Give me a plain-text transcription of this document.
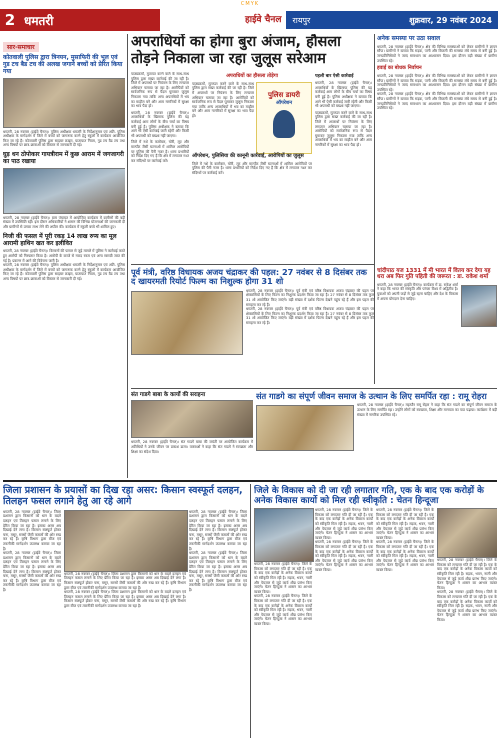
CMYK
2 धमतरी	हाईवे चैनल	रायपुर	शुक्रवार, 29 नवंबर 2024
सार-समाचार
कोतवाली पुलिस द्वारा त्रिनयन, मुसाफिरी की भूल एवं गुड टच बैड टच की अलख जगाने बच्चों को प्रेरित किया गया
धमतरी, 28 नवम्बर (हाईवे चैनल)। पुलिस अधीक्षक धमतरी के निर्देशानुसार एवं अति. पुलिस अधीक्षक के मार्गदर्शन में जिले में बच्चों को जागरूक करने हेतु स्कूलों में कार्यक्रम आयोजित किए जा रहे हैं। कोतवाली पुलिस द्वारा साइबर क्राइम, यातायात नियम, गुड टच बैड टच तथा अन्य विषयों पर छात्र-छात्राओं को विस्तार से जानकारी दी गई।
घुड़ धन ठोपोकार गायत्रीराम में कुछ आराम में जगजागरी का पाठ रखाया
धमतरी, 28 नवम्बर (हाईवे चैनल)। ग्राम पंचायत में आयोजित कार्यक्रम में ग्रामीणों की बड़ी संख्या में उपस्थिति रही। इस दौरान अधिकारियों ने शासन की विभिन्न योजनाओं की जानकारी दी और ग्रामीणों से उनका लाभ लेने की अपील की। कार्यक्रम में स्कूली बच्चे भी शामिल हुए।
निजी की फसल में पूरी रकड़ 14 लाख रुप्य का मूल आरामी हाथिन खत कर इलीवित
धमतरी, 28 नवम्बर (हाईवे चैनल)। किसानों की फसल से जुड़े मामले में पुलिस ने कार्रवाई करते हुए आरोपी को गिरफ्तार किया है। आरोपी के कब्जे से नकद रकम एवं अन्य सामग्री जब्त की गई है। प्रकरण में आगे की विवेचना जारी है।
धमतरी, 28 नवम्बर (हाईवे चैनल)। पुलिस अधीक्षक धमतरी के निर्देशानुसार एवं अति. पुलिस अधीक्षक के मार्गदर्शन में जिले में बच्चों को जागरूक करने हेतु स्कूलों में कार्यक्रम आयोजित किए जा रहे हैं। कोतवाली पुलिस द्वारा साइबर क्राइम, यातायात नियम, गुड टच बैड टच तथा अन्य विषयों पर छात्र-छात्राओं को विस्तार से जानकारी दी गई।
अपराधियों का होगा बुरा अंजाम, हौसला
तोड़ने निकाला जा रहा जुलूस सरेआम

पाठ्यक्रमों, मुतापत करने वाले के साथ-साथ पुलिस द्वारा सख्त कार्रवाई की जा रही है। जिले में अपराधों पर नियंत्रण के लिए लगातार अभियान चलाया जा रहा है। आरोपियों को सार्वजनिक रूप से पैदल घुमाकर जुलूस निकाला गया ताकि अन्य अपराधियों में भय का माहौल बने और आम नागरिकों में सुरक्षा का भाव पैदा हो।

धमतरी, 28 नवम्बर (हाईवे चैनल)। अपराधियों के खिलाफ पुलिस की यह कार्रवाई आम लोगों के बीच चर्चा का विषय बनी हुई है। पुलिस अधीक्षक ने बताया कि आगे भी ऐसी कार्रवाई जारी रहेगी और किसी भी अपराधी को बख्शा नहीं जाएगा।

जिले में नशे के कारोबार, चोरी, लूट और मारपीट जैसी घटनाओं में शामिल आरोपियों पर पुलिस की पैनी नजर है। थाना प्रभारियों को निर्देश दिए गए हैं कि क्षेत्र में लगातार गश्त कर संदिग्धों पर कार्रवाई करें।

अपराधियों का हौसला तोड़ेगा
पाठ्यक्रमों, मुतापत करने वाले के साथ-साथ पुलिस द्वारा सख्त कार्रवाई की जा रही है। जिले में अपराधों पर नियंत्रण के लिए लगातार अभियान चलाया जा रहा है। आरोपियों को सार्वजनिक रूप से पैदल घुमाकर जुलूस निकाला गया ताकि अन्य अपराधियों में भय का माहौल बने और आम नागरिकों में सुरक्षा का भाव पैदा हो।
पुलिस डायरी
ऑपरेशन
ऑपरेशन, पुलिसिया की कानूनी कार्रवाई, आरोपियों का जुलूस
जिले में नशे के कारोबार, चोरी, लूट और मारपीट जैसी घटनाओं में शामिल आरोपियों पर पुलिस की पैनी नजर है। थाना प्रभारियों को निर्देश दिए गए हैं कि क्षेत्र में लगातार गश्त कर संदिग्धों पर कार्रवाई करें।
पहली बार ऐसी कार्रवाई

धमतरी, 28 नवम्बर (हाईवे चैनल)। अपराधियों के खिलाफ पुलिस की यह कार्रवाई आम लोगों के बीच चर्चा का विषय बनी हुई है। पुलिस अधीक्षक ने बताया कि आगे भी ऐसी कार्रवाई जारी रहेगी और किसी भी अपराधी को बख्शा नहीं जाएगा।

पाठ्यक्रमों, मुतापत करने वाले के साथ-साथ पुलिस द्वारा सख्त कार्रवाई की जा रही है। जिले में अपराधों पर नियंत्रण के लिए लगातार अभियान चलाया जा रहा है। आरोपियों को सार्वजनिक रूप से पैदल घुमाकर जुलूस निकाला गया ताकि अन्य अपराधियों में भय का माहौल बने और आम नागरिकों में सुरक्षा का भाव पैदा हो।

अनेक समस्या पर उठा सवाल
धमतरी, 28 नवम्बर (हाईवे चैनल)। क्षेत्र की विभिन्न समस्याओं को लेकर ग्रामीणों ने ज्ञापन सौंपा। ग्रामीणों ने बताया कि सड़क, पानी और बिजली की समस्या लंबे समय से बनी हुई है। जनप्रतिनिधियों ने जल्द समाधान का आश्वासन दिया। इस दौरान बड़ी संख्या में ग्रामीण उपस्थित रहे।
हवाई का बोधक निर्वाचन
धमतरी, 28 नवम्बर (हाईवे चैनल)। क्षेत्र की विभिन्न समस्याओं को लेकर ग्रामीणों ने ज्ञापन सौंपा। ग्रामीणों ने बताया कि सड़क, पानी और बिजली की समस्या लंबे समय से बनी हुई है। जनप्रतिनिधियों ने जल्द समाधान का आश्वासन दिया। इस दौरान बड़ी संख्या में ग्रामीण उपस्थित रहे।
धमतरी, 28 नवम्बर (हाईवे चैनल)। क्षेत्र की विभिन्न समस्याओं को लेकर ग्रामीणों ने ज्ञापन सौंपा। ग्रामीणों ने बताया कि सड़क, पानी और बिजली की समस्या लंबे समय से बनी हुई है। जनप्रतिनिधियों ने जल्द समाधान का आश्वासन दिया। इस दौरान बड़ी संख्या में ग्रामीण उपस्थित रहे।
पूर्व मंत्री, वरिष्ठ विधायक अजय चंद्राकर की पहल: 27 नवंबर से 8 दिसंबर तक द खायरमती रियोर्ट फिल्म का निशुल्क होगा 31 शो
धमतरी, 28 नवम्बर (हाईवे चैनल)। पूर्व मंत्री एवं वरिष्ठ विधायक अजय चंद्राकर की पहल पर क्षेत्रवासियों के लिए फिल्म का निशुल्क प्रदर्शन किया जा रहा है। 27 नवंबर से 8 दिसंबर तक कुल 31 शो आयोजित किए जाएंगे। बड़ी संख्या में दर्शक फिल्म देखने पहुंच रहे हैं और इस पहल की सराहना कर रहे हैं।
धमतरी, 28 नवम्बर (हाईवे चैनल)। पूर्व मंत्री एवं वरिष्ठ विधायक अजय चंद्राकर की पहल पर क्षेत्रवासियों के लिए फिल्म का निशुल्क प्रदर्शन किया जा रहा है। 27 नवंबर से 8 दिसंबर तक कुल 31 शो आयोजित किए जाएंगे। बड़ी संख्या में दर्शक फिल्म देखने पहुंच रहे हैं और इस पहल की सराहना कर रहे हैं।
चांदीपाठ यज 1331 में मी भारत में वितय कर देगा यह धरा अब फिर गुति पहिती की जरूरत : डा. राकेश शर्मा
धमतरी, 28 नवम्बर (हाईवे चैनल)। कार्यक्रम में डा. राकेश शर्मा ने कहा कि भारत की संस्कृति और परंपरा विश्व में अद्वितीय है। युवाओं को अपनी जड़ों से जुड़े रहना चाहिए और देश के विकास में अपना योगदान देना चाहिए।
संत गाडगे बाबा के कार्यो की सराहना
धमतरी, 28 नवम्बर (हाईवे चैनल)। संत गाडगे बाबा की जयंती पर आयोजित कार्यक्रम में अतिथियों ने उनके जीवन पर प्रकाश डाला। वक्ताओं ने कहा कि संत गाडगे ने स्वच्छता और शिक्षा का संदेश दिया।
संत गाडगे का संपूर्ण जीवन समाज के उत्थान के लिए समर्पित रहा : रामू रोहरा
धमतरी, 28 नवम्बर (हाईवे चैनल)। महापौर रामू रोहरा ने कहा कि संत गाडगे का संपूर्ण जीवन समाज के उत्थान के लिए समर्पित रहा। उन्होंने लोगों को स्वच्छता, शिक्षा और मानवता का पाठ पढ़ाया। कार्यक्रम में बड़ी संख्या में नागरिक उपस्थित रहे।
जिला प्रशासन के प्रयासों का दिख रहा असर: किसान स्वस्फूर्त दलहन, तिलहन फसल लगाने हेतु आ रहे आगे
धमतरी, 28 नवम्बर (हाईवे चैनल)। जिला प्रशासन द्वारा किसानों को धान के बदले दलहन एवं तिलहन फसल लगाने के लिए प्रेरित किया जा रहा है। इसका असर अब दिखाई देने लगा है। किसान स्वस्फूर्त होकर चना, मसूर, सरसों जैसी फसलों की ओर रुख कर रहे हैं। कृषि विभाग द्वारा बीज एवं तकनीकी मार्गदर्शन उपलब्ध कराया जा रहा है।
धमतरी, 28 नवम्बर (हाईवे चैनल)। जिला प्रशासन द्वारा किसानों को धान के बदले दलहन एवं तिलहन फसल लगाने के लिए प्रेरित किया जा रहा है। इसका असर अब दिखाई देने लगा है। किसान स्वस्फूर्त होकर चना, मसूर, सरसों जैसी फसलों की ओर रुख कर रहे हैं। कृषि विभाग द्वारा बीज एवं तकनीकी मार्गदर्शन उपलब्ध कराया जा रहा है।
धमतरी, 28 नवम्बर (हाईवे चैनल)। जिला प्रशासन द्वारा किसानों को धान के बदले दलहन एवं तिलहन फसल लगाने के लिए प्रेरित किया जा रहा है। इसका असर अब दिखाई देने लगा है। किसान स्वस्फूर्त होकर चना, मसूर, सरसों जैसी फसलों की ओर रुख कर रहे हैं। कृषि विभाग द्वारा बीज एवं तकनीकी मार्गदर्शन उपलब्ध कराया जा रहा है।
धमतरी, 28 नवम्बर (हाईवे चैनल)। जिला प्रशासन द्वारा किसानों को धान के बदले दलहन एवं तिलहन फसल लगाने के लिए प्रेरित किया जा रहा है। इसका असर अब दिखाई देने लगा है। किसान स्वस्फूर्त होकर चना, मसूर, सरसों जैसी फसलों की ओर रुख कर रहे हैं। कृषि विभाग द्वारा बीज एवं तकनीकी मार्गदर्शन उपलब्ध कराया जा रहा है।
धमतरी, 28 नवम्बर (हाईवे चैनल)। जिला प्रशासन द्वारा किसानों को धान के बदले दलहन एवं तिलहन फसल लगाने के लिए प्रेरित किया जा रहा है। इसका असर अब दिखाई देने लगा है। किसान स्वस्फूर्त होकर चना, मसूर, सरसों जैसी फसलों की ओर रुख कर रहे हैं। कृषि विभाग द्वारा बीज एवं तकनीकी मार्गदर्शन उपलब्ध कराया जा रहा है।
धमतरी, 28 नवम्बर (हाईवे चैनल)। जिला प्रशासन द्वारा किसानों को धान के बदले दलहन एवं तिलहन फसल लगाने के लिए प्रेरित किया जा रहा है। इसका असर अब दिखाई देने लगा है। किसान स्वस्फूर्त होकर चना, मसूर, सरसों जैसी फसलों की ओर रुख कर रहे हैं। कृषि विभाग द्वारा बीज एवं तकनीकी मार्गदर्शन उपलब्ध कराया जा रहा है।
जिले के विकास को दी जा रही लगातार गति, एक के बाद एक करोड़ों के अनेक विकास कार्यो को मिल रही स्वीकृति : चेतन हिन्दूजा
धमतरी, 28 नवम्बर (हाईवे चैनल)। जिले के विकास को लगातार गति दी जा रही है। एक के बाद एक करोड़ों के अनेक विकास कार्यों को स्वीकृति मिल रही है। सड़क, भवन, नाली और पेयजल से जुड़े कार्य शीघ्र प्रारंभ किए जाएंगे। चेतन हिन्दूजा ने शासन का आभार व्यक्त किया।
धमतरी, 28 नवम्बर (हाईवे चैनल)। जिले के विकास को लगातार गति दी जा रही है। एक के बाद एक करोड़ों के अनेक विकास कार्यों को स्वीकृति मिल रही है। सड़क, भवन, नाली और पेयजल से जुड़े कार्य शीघ्र प्रारंभ किए जाएंगे। चेतन हिन्दूजा ने शासन का आभार व्यक्त किया।
धमतरी, 28 नवम्बर (हाईवे चैनल)। जिले के विकास को लगातार गति दी जा रही है। एक के बाद एक करोड़ों के अनेक विकास कार्यों को स्वीकृति मिल रही है। सड़क, भवन, नाली और पेयजल से जुड़े कार्य शीघ्र प्रारंभ किए जाएंगे। चेतन हिन्दूजा ने शासन का आभार व्यक्त किया।
धमतरी, 28 नवम्बर (हाईवे चैनल)। जिले के विकास को लगातार गति दी जा रही है। एक के बाद एक करोड़ों के अनेक विकास कार्यों को स्वीकृति मिल रही है। सड़क, भवन, नाली और पेयजल से जुड़े कार्य शीघ्र प्रारंभ किए जाएंगे। चेतन हिन्दूजा ने शासन का आभार व्यक्त किया।
धमतरी, 28 नवम्बर (हाईवे चैनल)। जिले के विकास को लगातार गति दी जा रही है। एक के बाद एक करोड़ों के अनेक विकास कार्यों को स्वीकृति मिल रही है। सड़क, भवन, नाली और पेयजल से जुड़े कार्य शीघ्र प्रारंभ किए जाएंगे। चेतन हिन्दूजा ने शासन का आभार व्यक्त किया।
धमतरी, 28 नवम्बर (हाईवे चैनल)। जिले के विकास को लगातार गति दी जा रही है। एक के बाद एक करोड़ों के अनेक विकास कार्यों को स्वीकृति मिल रही है। सड़क, भवन, नाली और पेयजल से जुड़े कार्य शीघ्र प्रारंभ किए जाएंगे। चेतन हिन्दूजा ने शासन का आभार व्यक्त किया।
धमतरी, 28 नवम्बर (हाईवे चैनल)। जिले के विकास को लगातार गति दी जा रही है। एक के बाद एक करोड़ों के अनेक विकास कार्यों को स्वीकृति मिल रही है। सड़क, भवन, नाली और पेयजल से जुड़े कार्य शीघ्र प्रारंभ किए जाएंगे। चेतन हिन्दूजा ने शासन का आभार व्यक्त किया।
धमतरी, 28 नवम्बर (हाईवे चैनल)। जिले के विकास को लगातार गति दी जा रही है। एक के बाद एक करोड़ों के अनेक विकास कार्यों को स्वीकृति मिल रही है। सड़क, भवन, नाली और पेयजल से जुड़े कार्य शीघ्र प्रारंभ किए जाएंगे। चेतन हिन्दूजा ने शासन का आभार व्यक्त किया।
